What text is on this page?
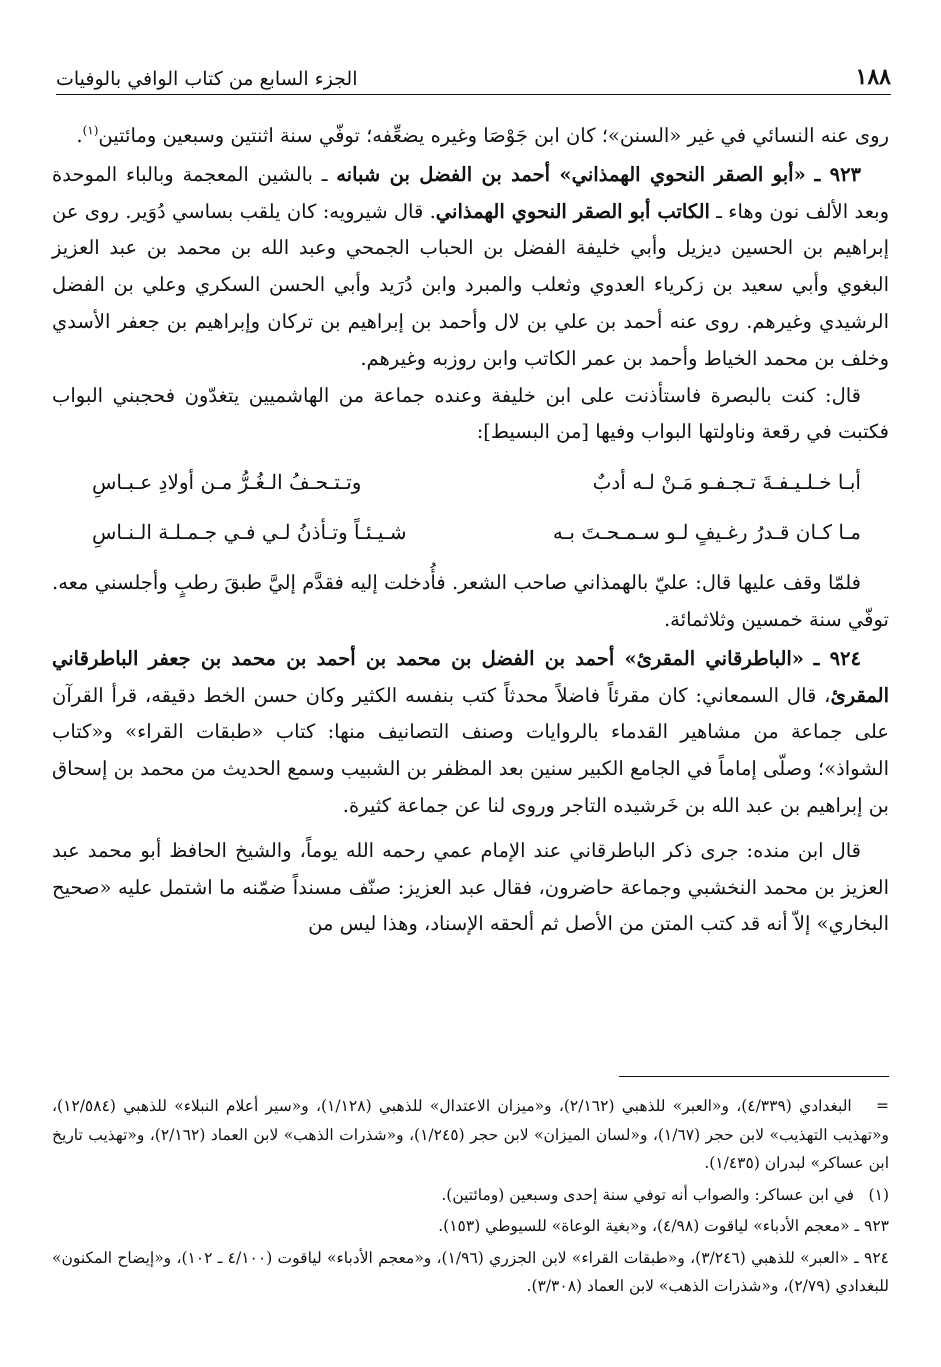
١٨٨
الجزء السابع من كتاب الوافي بالوفيات

روى عنه النسائي في غير «السنن»؛ كان ابن جَوْصَا وغيره يضعِّفه؛ توفّي سنة اثنتين وسبعين ومائتين$^{(١)}$.

٩٢٣ ـ «أبو الصقر النحوي الهمذاني» أحمد بن الفضل بن شبانه ـ بالشين المعجمة وبالباء الموحدة وبعد الألف نون وهاء ـ الكاتب أبو الصقر النحوي الهمذاني. قال شيرويه: كان يلقب بساسي دُوَير. روى عن إبراهيم بن الحسين ديزيل وأبي خليفة الفضل بن الحباب الجمحي وعبد الله بن محمد بن عبد العزيز البغوي وأبي سعيد بن زكرياء العدوي وثعلب والمبرد وابن دُرَيد وأبي الحسن السكري وعلي بن الفضل الرشيدي وغيرهم. روى عنه أحمد بن علي بن لال وأحمد بن إبراهيم بن تركان وإبراهيم بن جعفر الأسدي وخلف بن محمد الخياط وأحمد بن عمر الكاتب وابن روزبه وغيرهم.

قال: كنت بالبصرة فاستأذنت على ابن خليفة وعنده جماعة من الهاشميين يتغدّون فحجبني البواب فكتبت في رقعة وناولتها البواب وفيها [من البسيط]:

أبـا خـلـيـفـةَ تـجـفـو مَـنْ لـه أدبٌ
وتـتـحـفُ الـغُـرُّ مـن أولادِ عـبـاسِ
مـا كـان قـدرُ رغـيفٍ لـو سـمـحـتَ بـه
شـيـئـاً وتـأذنُ لـي فـي جـمـلـة الـنـاسِ

فلمّا وقف عليها قال: عليّ بالهمذاني صاحب الشعر. فأُدخلت إليه فقدَّم إليَّ طبقَ رطبٍ وأجلسني معه. توفّي سنة خمسين وثلاثمائة.

٩٢٤ ـ «الباطرقاني المقرئ» أحمد بن الفضل بن محمد بن أحمد بن محمد بن جعفر الباطرقاني المقرئ، قال السمعاني: كان مقرئاً فاضلاً محدثاً كتب بنفسه الكثير وكان حسن الخط دقيقه، قرأ القرآن على جماعة من مشاهير القدماء بالروايات وصنف التصانيف منها: كتاب «طبقات القراء» و«كتاب الشواذ»؛ وصلّى إماماً في الجامع الكبير سنين بعد المظفر بن الشبيب وسمع الحديث من محمد بن إسحاق بن إبراهيم بن عبد الله بن خَرشيده التاجر وروى لنا عن جماعة كثيرة.

قال ابن منده: جرى ذكر الباطرقاني عند الإمام عمي رحمه الله يوماً، والشيخ الحافظ أبو محمد عبد العزيز بن محمد النخشبي وجماعة حاضرون، فقال عبد العزيز: صنّف مسنداً ضمّنه ما اشتمل عليه «صحيح البخاري» إلاّ أنه قد كتب المتن من الأصل ثم ألحقه الإسناد، وهذا ليس من

= البغدادي (٤/٣٣٩)، و«العبر» للذهبي (٢/١٦٢)، و«ميزان الاعتدال» للذهبي (١/١٢٨)، و«سير أعلام النبلاء» للذهبي (١٢/٥٨٤)، و«تهذيب التهذيب» لابن حجر (١/٦٧)، و«لسان الميزان» لابن حجر (١/٢٤٥)، و«شذرات الذهب» لابن العماد (٢/١٦٢)، و«تهذيب تاريخ ابن عساكر» لبدران (١/٤٣٥).

(١) في ابن عساكر: والصواب أنه توفي سنة إحدى وسبعين (ومائتين).

٩٢٣ ـ «معجم الأدباء» لياقوت (٤/٩٨)، و«بغية الوعاة» للسيوطي (١٥٣).

٩٢٤ ـ «العبر» للذهبي (٣/٢٤٦)، و«طبقات القراء» لابن الجزري (١/٩٦)، و«معجم الأدباء» لياقوت (٤/١٠٠ ـ ١٠٢)، و«إيضاح المكنون» للبغدادي (٢/٧٩)، و«شذرات الذهب» لابن العماد (٣/٣٠٨).
